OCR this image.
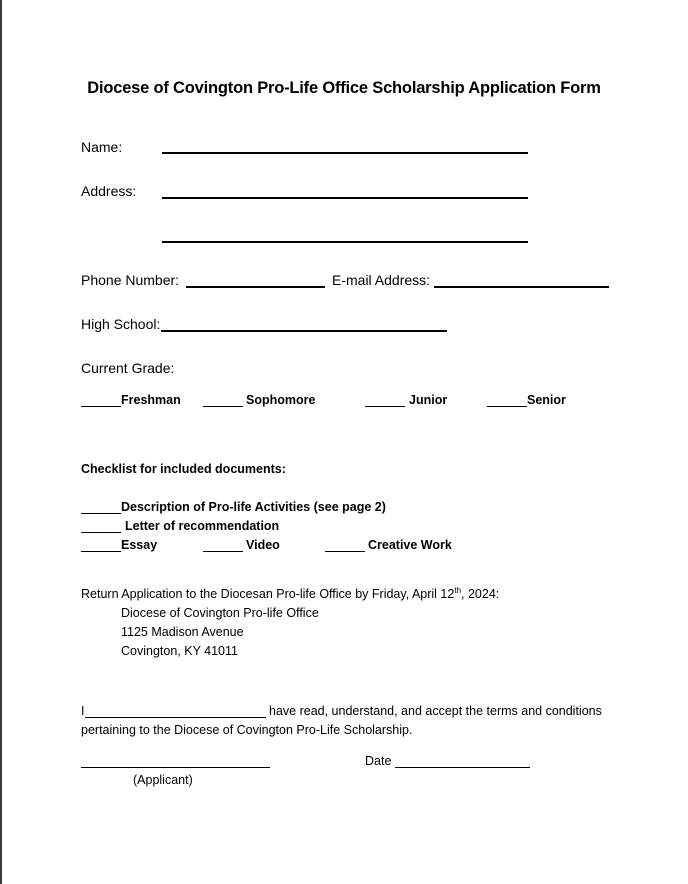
Diocese of Covington Pro-Life Office Scholarship Application Form
Name:
Address:
Phone Number:	E-mail Address:
High School:
Current Grade:
Freshman	Sophomore	Junior	Senior
Checklist for included documents:
Description of Pro-life Activities (see page 2)
Letter of recommendation
Essay	Video	Creative Work
Return Application to the Diocesan Pro-life Office by Friday, April 12th, 2024:
Diocese of Covington Pro-life Office
1125 Madison Avenue
Covington, KY 41011
I	have read, understand, and accept the terms and conditions
pertaining to the Diocese of Covington Pro-Life Scholarship.
Date
(Applicant)
